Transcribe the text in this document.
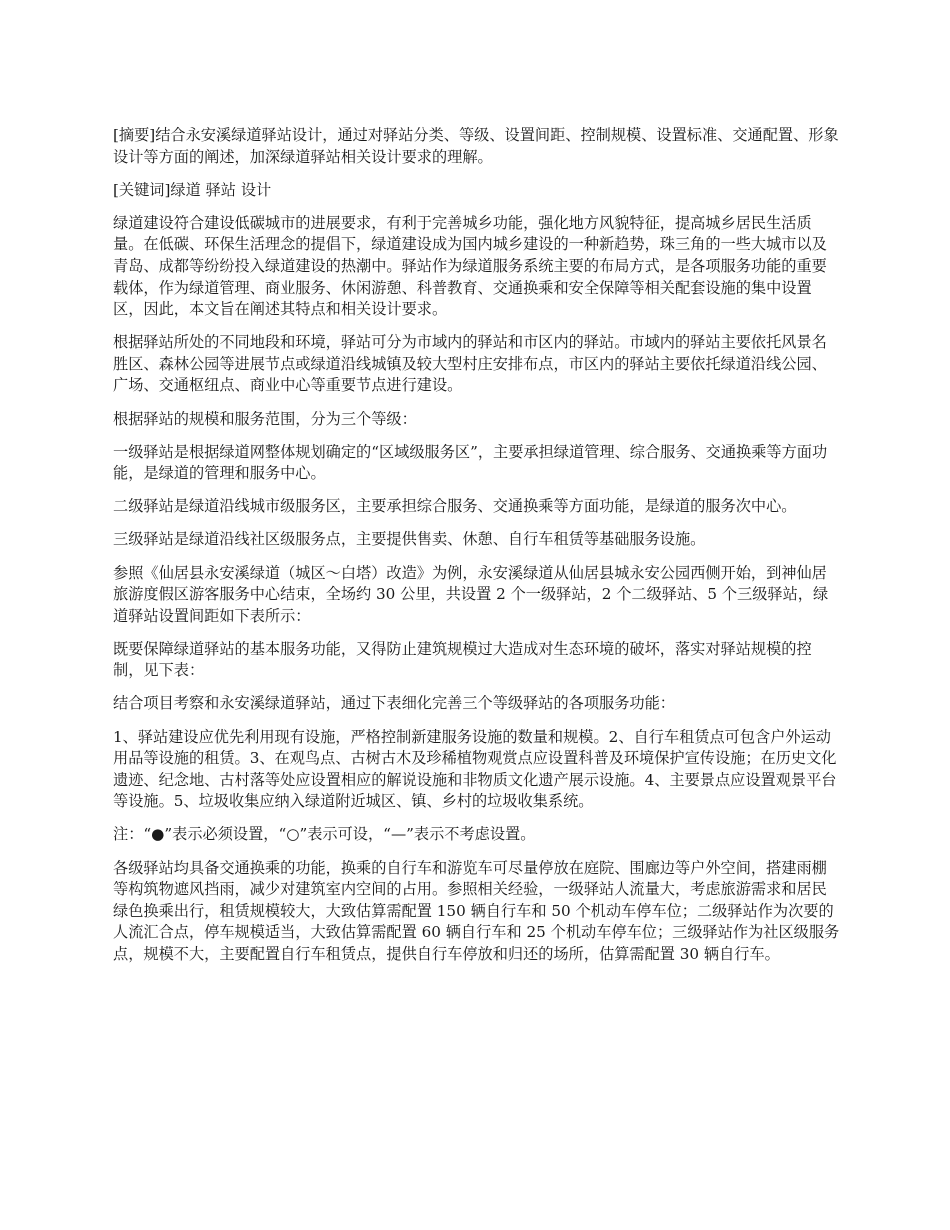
[摘要]结合永安溪绿道驿站设计，通过对驿站分类、等级、设置间距、控制规模、设置标准、交通配置、形象设计等方面的阐述，加深绿道驿站相关设计要求的理解。

[关键词]绿道 驿站 设计

绿道建设符合建设低碳城市的进展要求，有利于完善城乡功能，强化地方风貌特征，提高城乡居民生活质量。在低碳、环保生活理念的提倡下，绿道建设成为国内城乡建设的一种新趋势，珠三角的一些大城市以及青岛、成都等纷纷投入绿道建设的热潮中。驿站作为绿道服务系统主要的布局方式，是各项服务功能的重要载体，作为绿道管理、商业服务、休闲游憩、科普教育、交通换乘和安全保障等相关配套设施的集中设置区，因此，本文旨在阐述其特点和相关设计要求。

根据驿站所处的不同地段和环境，驿站可分为市域内的驿站和市区内的驿站。市域内的驿站主要依托风景名胜区、森林公园等进展节点或绿道沿线城镇及较大型村庄安排布点，市区内的驿站主要依托绿道沿线公园、广场、交通枢纽点、商业中心等重要节点进行建设。

根据驿站的规模和服务范围，分为三个等级：

一级驿站是根据绿道网整体规划确定的“区域级服务区”，主要承担绿道管理、综合服务、交通换乘等方面功能，是绿道的管理和服务中心。

二级驿站是绿道沿线城市级服务区，主要承担综合服务、交通换乘等方面功能，是绿道的服务次中心。

三级驿站是绿道沿线社区级服务点，主要提供售卖、休憩、自行车租赁等基础服务设施。

参照《仙居县永安溪绿道（城区～白塔）改造》为例，永安溪绿道从仙居县城永安公园西侧开始，到神仙居旅游度假区游客服务中心结束，全场约 30 公里，共设置 2 个一级驿站，2 个二级驿站、5 个三级驿站，绿道驿站设置间距如下表所示：

既要保障绿道驿站的基本服务功能，又得防止建筑规模过大造成对生态环境的破坏，落实对驿站规模的控制，见下表：

结合项目考察和永安溪绿道驿站，通过下表细化完善三个等级驿站的各项服务功能：

1、驿站建设应优先利用现有设施，严格控制新建服务设施的数量和规模。2、自行车租赁点可包含户外运动用品等设施的租赁。3、在观鸟点、古树古木及珍稀植物观赏点应设置科普及环境保护宣传设施；在历史文化遗迹、纪念地、古村落等处应设置相应的解说设施和非物质文化遗产展示设施。4、主要景点应设置观景平台等设施。5、垃圾收集应纳入绿道附近城区、镇、乡村的垃圾收集系统。

注：“●”表示必须设置，“○”表示可设，“—”表示不考虑设置。

各级驿站均具备交通换乘的功能，换乘的自行车和游览车可尽量停放在庭院、围廊边等户外空间，搭建雨棚等构筑物遮风挡雨，减少对建筑室内空间的占用。参照相关经验，一级驿站人流量大，考虑旅游需求和居民绿色换乘出行，租赁规模较大，大致估算需配置 150 辆自行车和 50 个机动车停车位；二级驿站作为次要的人流汇合点，停车规模适当，大致估算需配置 60 辆自行车和 25 个机动车停车位；三级驿站作为社区级服务点，规模不大，主要配置自行车租赁点，提供自行车停放和归还的场所，估算需配置 30 辆自行车。
